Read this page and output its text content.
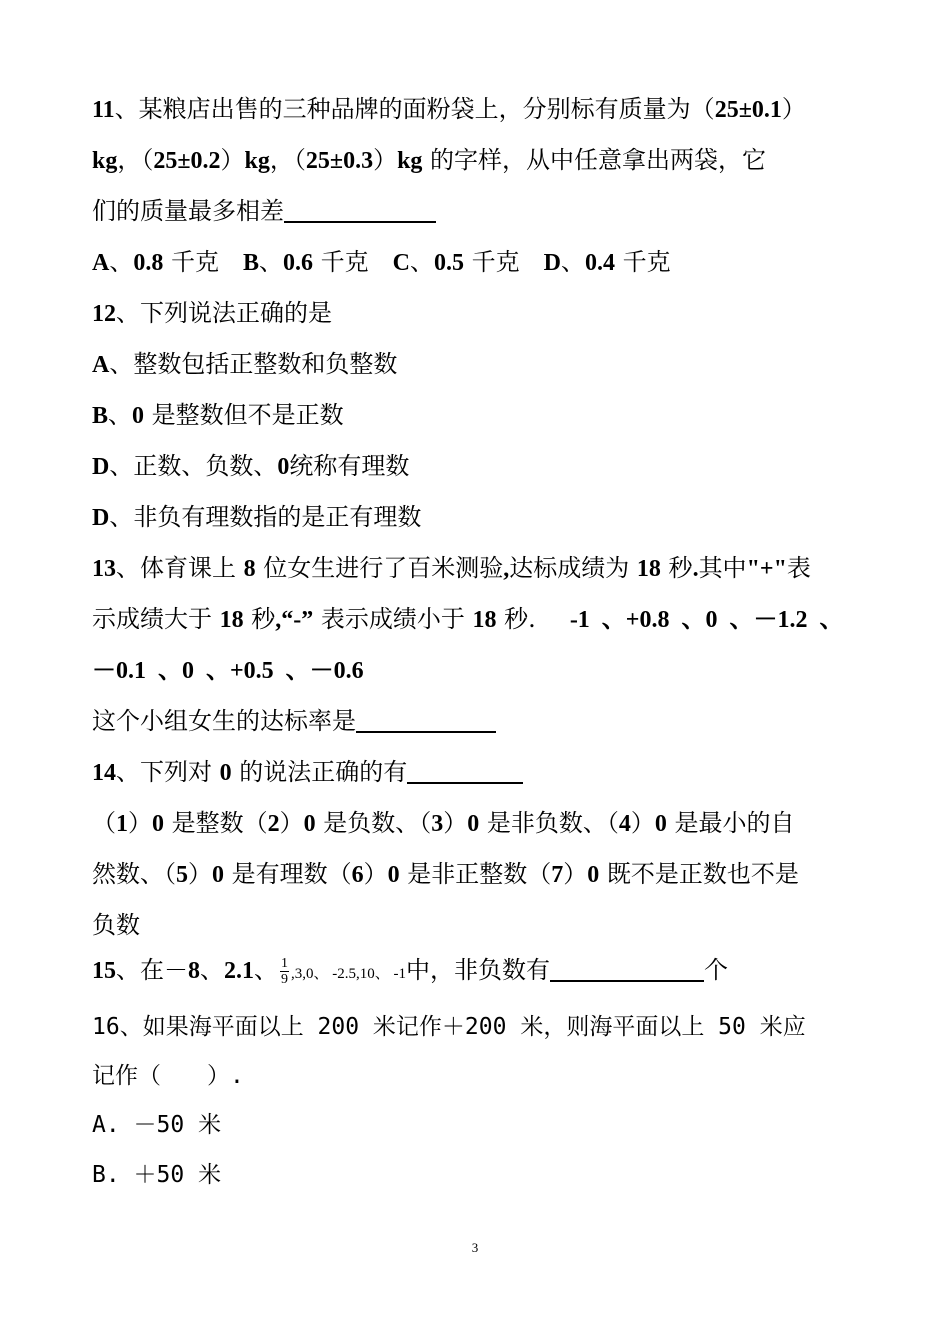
11、某粮店出售的三种品牌的面粉袋上，分别标有质量为（25±0.1）
kg，（25±0.2）kg，（25±0.3）kg 的字样，从中任意拿出两袋，它
们的质量最多相差
A、0.8 千克 B、0.6 千克 C、0.5 千克 D、0.4 千克
12、下列说法正确的是
A、整数包括正整数和负整数
B、0 是整数但不是正数
D、正数、负数、0统称有理数
D、非负有理数指的是正有理数
13、体育课上 8 位女生进行了百米测验,达标成绩为 18 秒.其中"+"表
示成绩大于 18 秒,“-” 表示成绩小于 18 秒. -1  、+0.8  、0  、－1.2  、
－0.1  、0  、+0.5  、－0.6
这个小组女生的达标率是
14、下列对 0 的说法正确的有
（1）0 是整数（2）0 是负数、（3）0 是非负数、（4）0 是最小的自
然数、（5）0 是有理数（6）0 是非正整数（7）0 既不是正数也不是
负数
15、在－8、2.1、 $\frac{1}{9} ,3,0$、 -2.5,10、 -1中，非负数有	个
16、如果海平面以上 200 米记作＋200 米，则海平面以上 50 米应
记作（　　）.
A. －50 米
B. ＋50 米
3
